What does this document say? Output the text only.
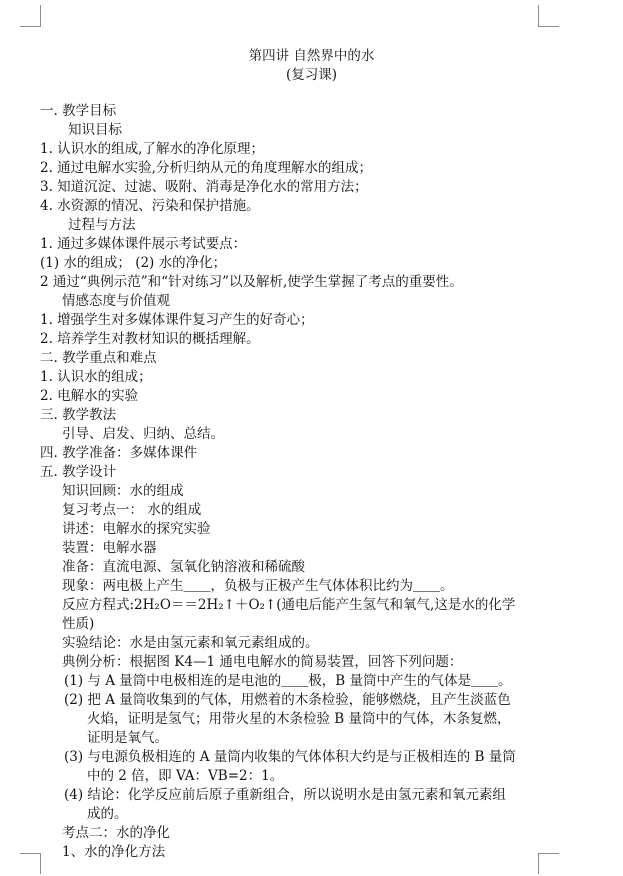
第四讲 自然界中的水
(复习课)
一. 教学目标
知识目标
1. 认识水的组成,了解水的净化原理；
2. 通过电解水实验,分析归纳从元的角度理解水的组成；
3. 知道沉淀、过滤、吸附、消毒是净化水的常用方法；
4. 水资源的情况、污染和保护措施。
过程与方法
1. 通过多媒体课件展示考试要点：
(1) 水的组成； (2) 水的净化；
2 通过“典例示范”和“针对练习”以及解析,使学生掌握了考点的重要性。
情感态度与价值观
1. 增强学生对多媒体课件复习产生的好奇心；
2. 培养学生对教材知识的概括理解。
二. 教学重点和难点
1. 认识水的组成；
2. 电解水的实验
三. 教学教法
引导、启发、归纳、总结。
四. 教学准备：多媒体课件
五. 教学设计
知识回顾：水的组成
复习考点一： 水的组成
讲述：电解水的探究实验
装置：电解水器
准备：直流电源、氢氧化钠溶液和稀硫酸
现象：两电极上产生＿＿，负极与正极产生气体体积比约为＿＿。
反应方程式:2H₂O＝＝2H₂↑＋O₂↑(通电后能产生氢气和氧气,这是水的化学
性质)
实验结论：水是由氢元素和氧元素组成的。
典例分析：根据图 K4—1 通电电解水的简易装置，回答下列问题：
(1) 与 A 量筒中电极相连的是电池的＿＿极，B 量筒中产生的气体是＿＿。
(2) 把 A 量筒收集到的气体，用燃着的木条检验，能够燃烧，且产生淡蓝色
火焰，证明是氢气；用带火星的木条检验 B 量筒中的气体，木条复燃，
证明是氧气。
(3) 与电源负极相连的 A 量筒内收集的气体体积大约是与正极相连的 B 量筒
中的 2 倍，即 VA：VB=2：1。
(4) 结论：化学反应前后原子重新组合，所以说明水是由氢元素和氧元素组
成的。
考点二：水的净化
1、水的净化方法
